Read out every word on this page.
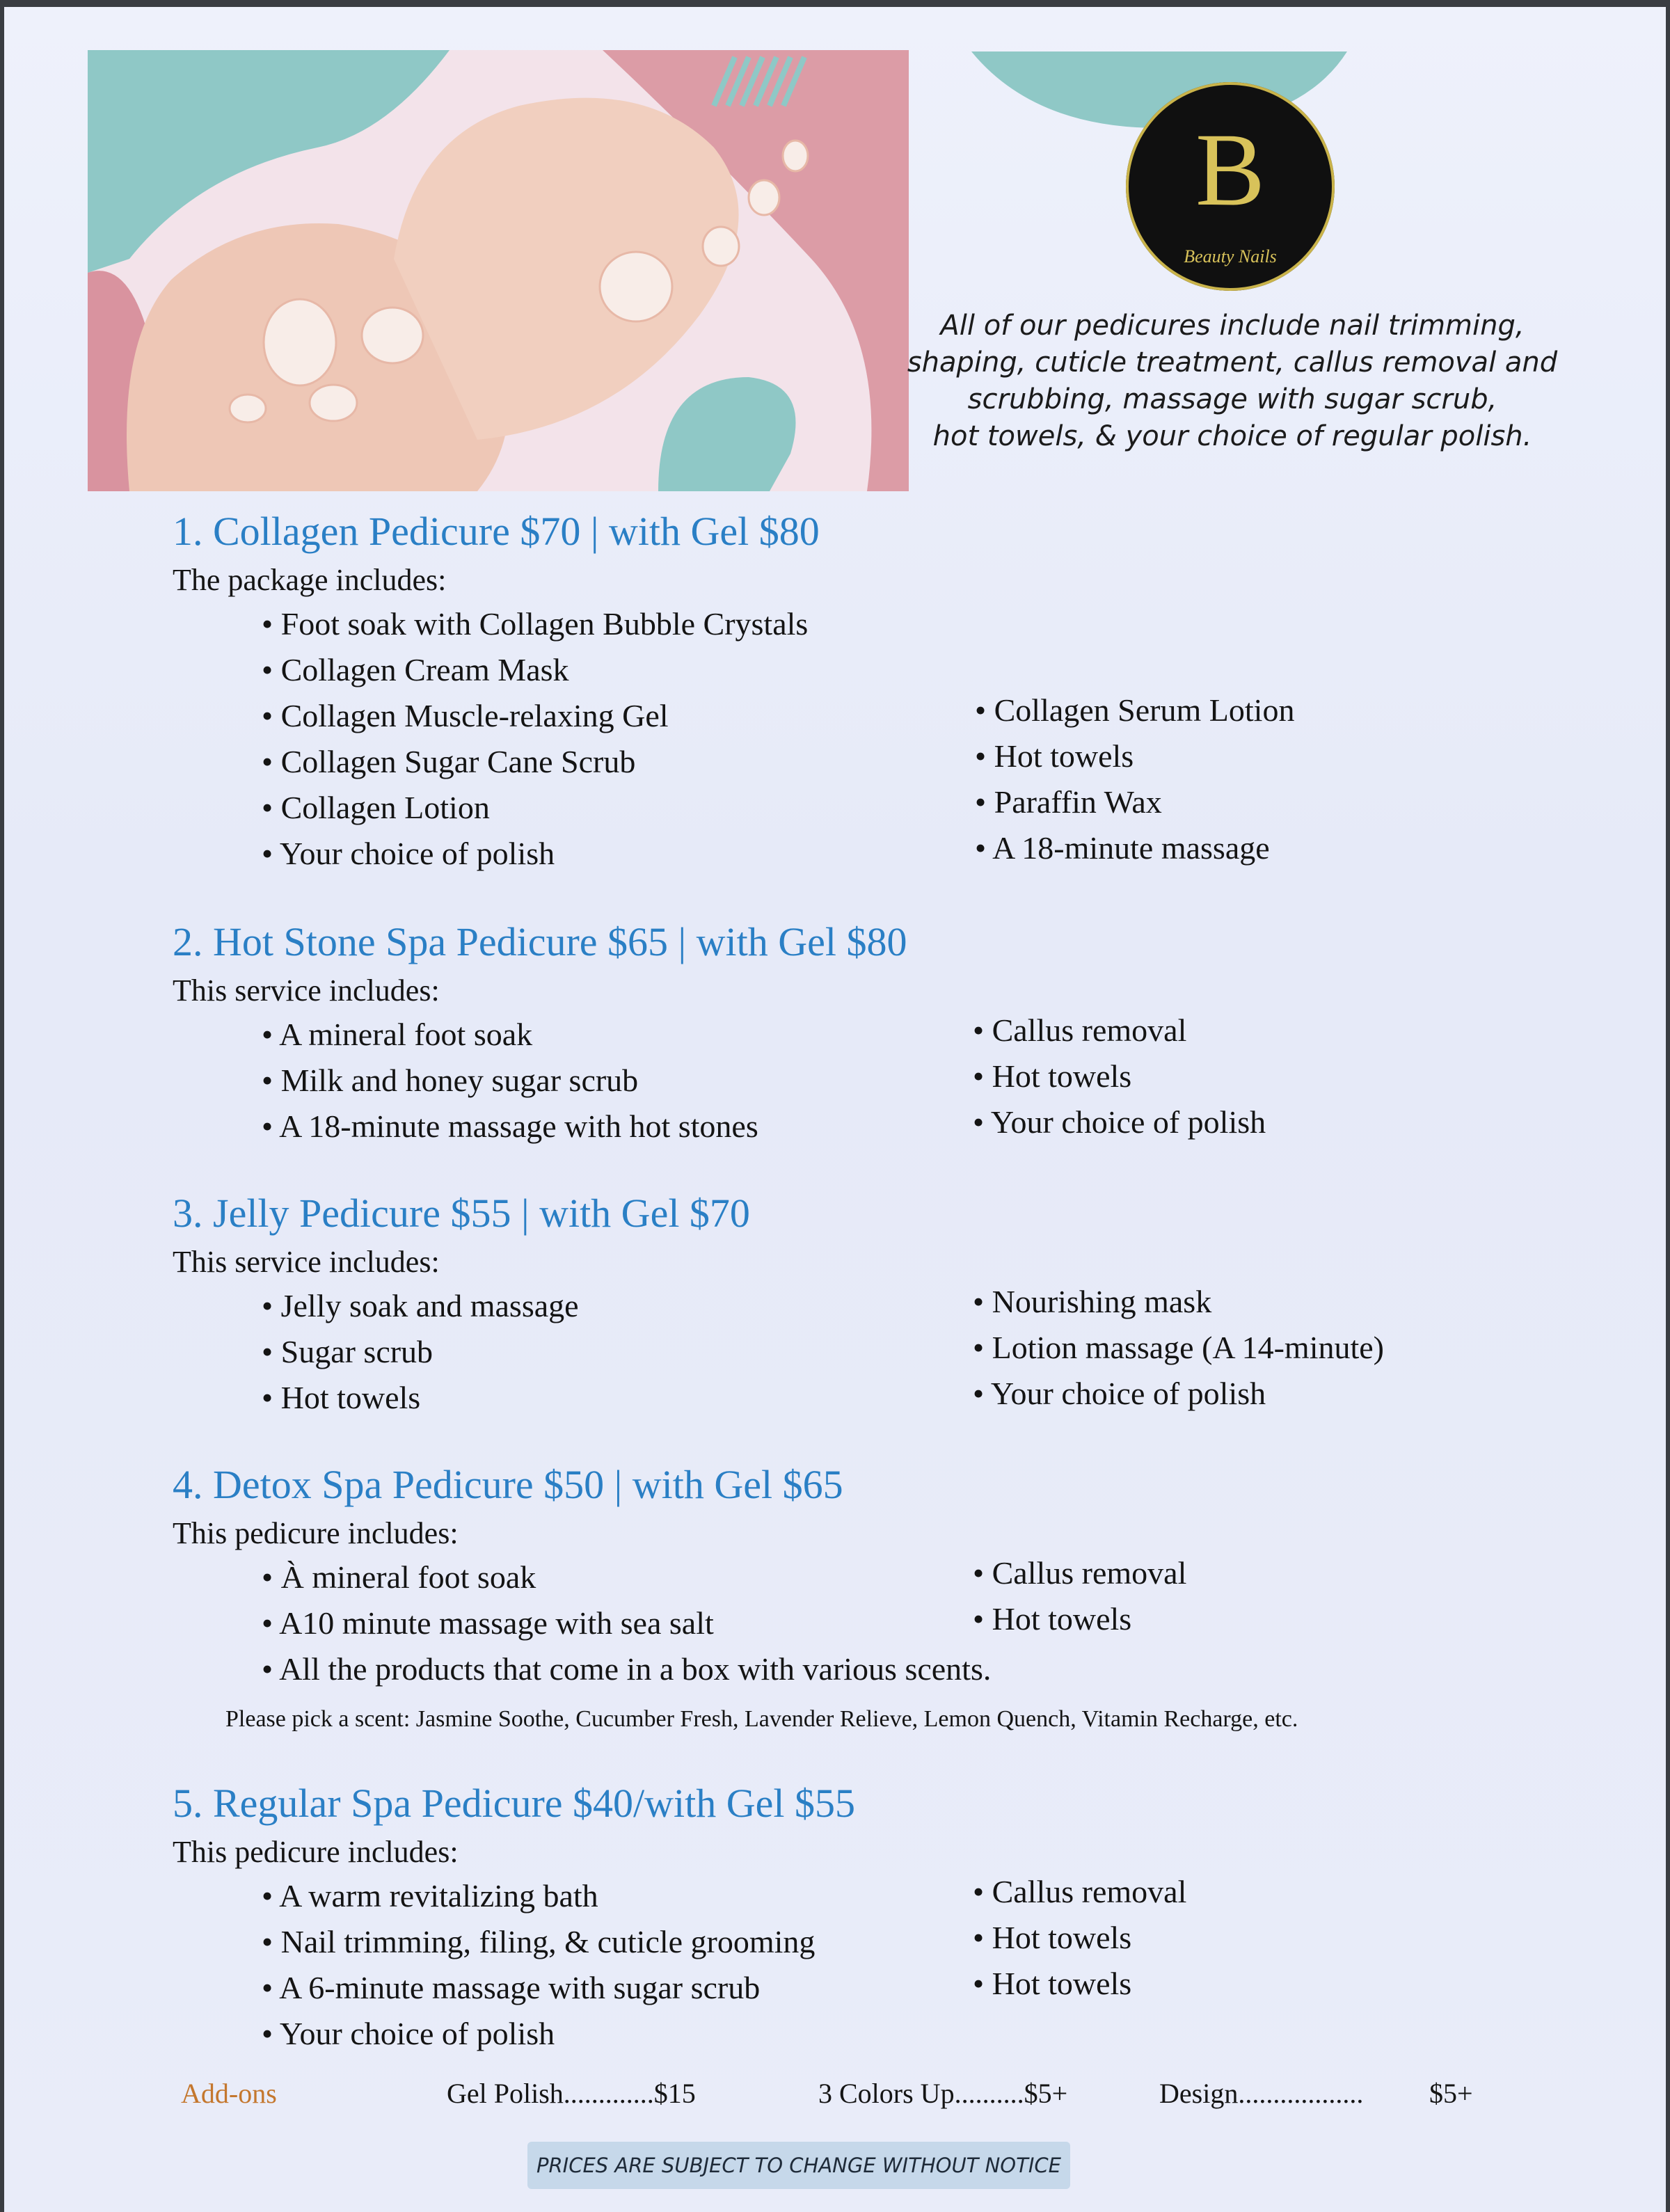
B
Beauty Nails
All of our pedicures include nail trimming,
shaping, cuticle treatment, callus removal and
scrubbing, massage with sugar scrub,
hot towels, & your choice of regular polish.
1. Collagen Pedicure $70 | with Gel $80
The package includes:
• Foot soak with Collagen Bubble Crystals
• Collagen Cream Mask
• Collagen Muscle-relaxing Gel
• Collagen Sugar Cane Scrub
• Collagen Lotion
• Your choice of polish
• Collagen Serum Lotion
• Hot towels
• Paraffin Wax
• A 18-minute massage
2. Hot Stone Spa Pedicure $65 | with Gel $80
This service includes:
• A mineral foot soak
• Milk and honey sugar scrub
• A 18-minute massage with hot stones
• Callus removal
• Hot towels
• Your choice of polish
3. Jelly Pedicure $55 | with Gel $70
This service includes:
• Jelly soak and massage
• Sugar scrub
• Hot towels
• Nourishing mask
• Lotion massage (A 14-minute)
• Your choice of polish
4. Detox Spa Pedicure $50 | with Gel $65
This pedicure includes:
• À mineral foot soak
• A10 minute massage with sea salt
• All the products that come in a box with various scents.
• Callus removal
• Hot towels
Please pick a scent: Jasmine Soothe, Cucumber Fresh, Lavender Relieve, Lemon Quench, Vitamin Recharge, etc.
5. Regular Spa Pedicure $40/with Gel $55
This pedicure includes:
• A warm revitalizing bath
• Nail trimming, filing, & cuticle grooming
• A 6-minute massage with sugar scrub
• Your choice of polish
• Callus removal
• Hot towels
• Hot towels
Add-ons	Gel Polish.............$15	3 Colors Up..........$5+	Design.................. $5+
PRICES ARE SUBJECT TO CHANGE WITHOUT NOTICE
